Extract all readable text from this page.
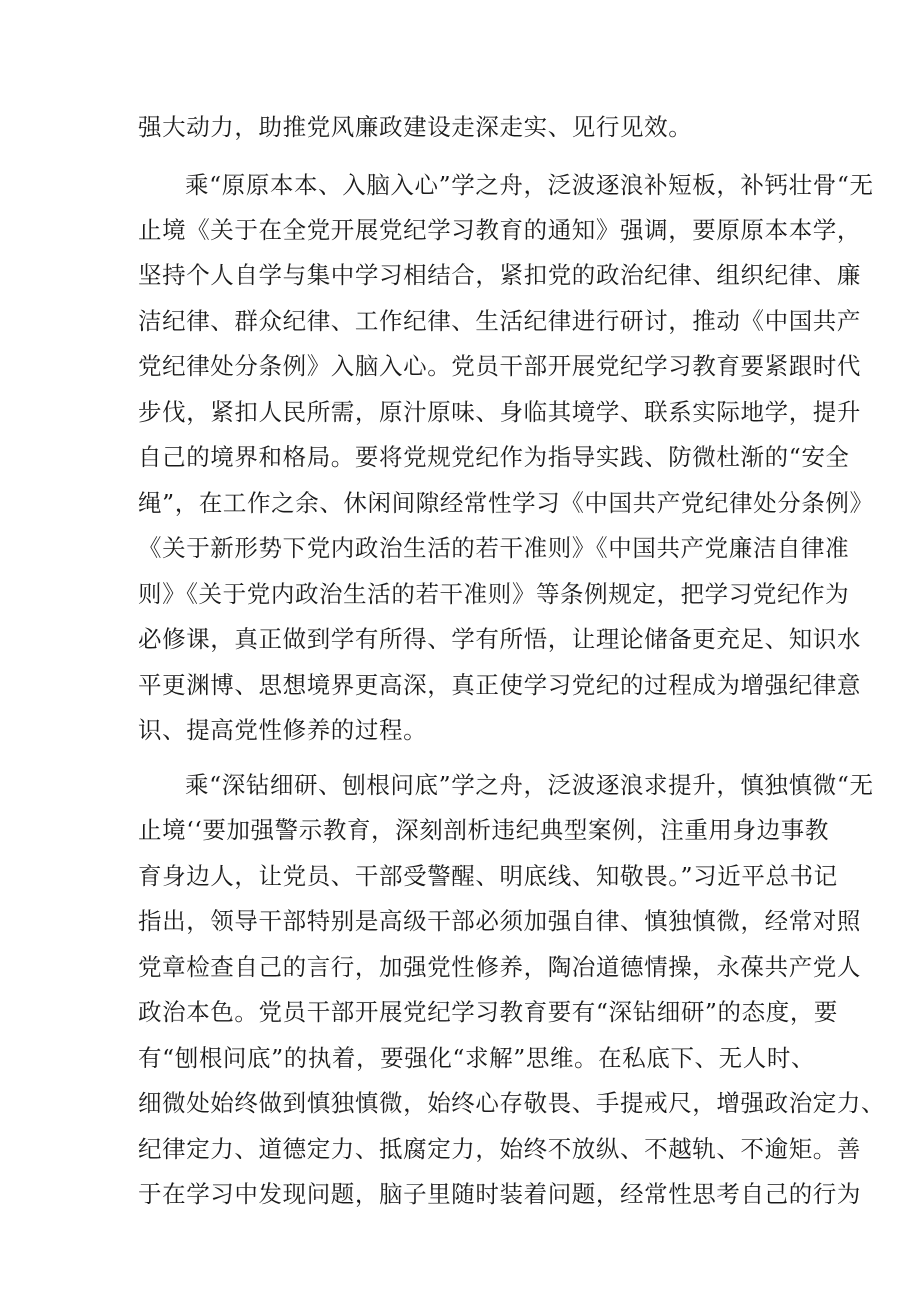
强大动力，助推党风廉政建设走深走实、见行见效。
乘“原原本本、入脑入心”学之舟，泛波逐浪补短板，补钙壮骨“无
止境《关于在全党开展党纪学习教育的通知》强调，要原原本本学，
坚持个人自学与集中学习相结合，紧扣党的政治纪律、组织纪律、廉
洁纪律、群众纪律、工作纪律、生活纪律进行研讨，推动《中国共产
党纪律处分条例》入脑入心。党员干部开展党纪学习教育要紧跟时代
步伐，紧扣人民所需，原汁原味、身临其境学、联系实际地学，提升
自己的境界和格局。要将党规党纪作为指导实践、防微杜渐的“安全
绳”，在工作之余、休闲间隙经常性学习《中国共产党纪律处分条例》
《关于新形势下党内政治生活的若干准则》《中国共产党廉洁自律准
则》《关于党内政治生活的若干准则》等条例规定，把学习党纪作为
必修课，真正做到学有所得、学有所悟，让理论储备更充足、知识水
平更渊博、思想境界更高深，真正使学习党纪的过程成为增强纪律意
识、提高党性修养的过程。
乘“深钻细研、刨根问底”学之舟，泛波逐浪求提升，慎独慎微“无
止境‘‘要加强警示教育，深刻剖析违纪典型案例，注重用身边事教
育身边人，让党员、干部受警醒、明底线、知敬畏。”习近平总书记
指出，领导干部特别是高级干部必须加强自律、慎独慎微，经常对照
党章检查自己的言行，加强党性修养，陶冶道德情操，永葆共产党人
政治本色。党员干部开展党纪学习教育要有“深钻细研”的态度，要
有“刨根问底”的执着，要强化“求解”思维。在私底下、无人时、
细微处始终做到慎独慎微，始终心存敬畏、手提戒尺，增强政治定力、
纪律定力、道德定力、抵腐定力，始终不放纵、不越轨、不逾矩。善
于在学习中发现问题，脑子里随时装着问题，经常性思考自己的行为
